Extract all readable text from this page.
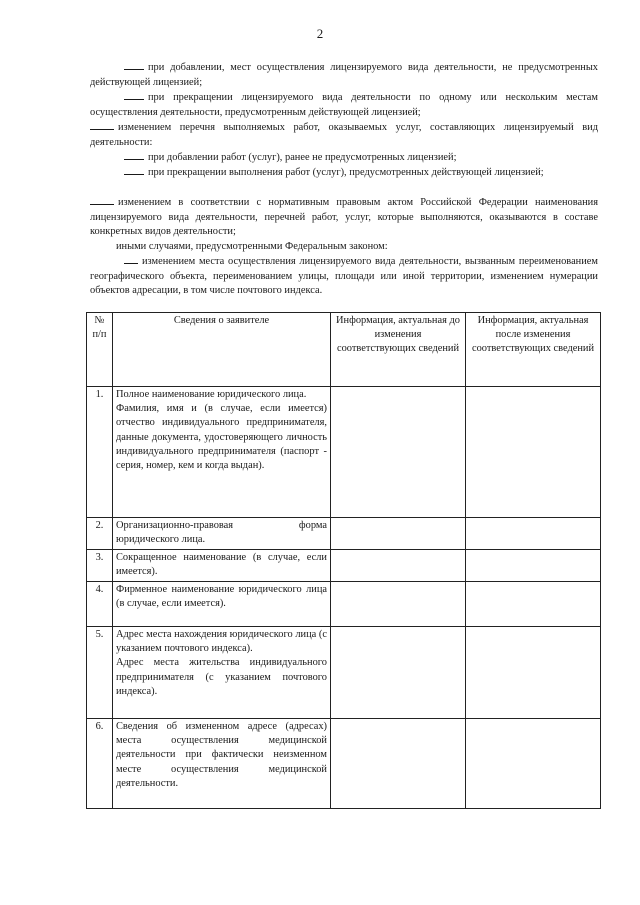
2
при добавлении, мест осуществления лицензируемого вида деятельности, не предусмотренных действующей лицензией;
при прекращении лицензируемого вида деятельности по одному или нескольким местам осуществления деятельности, предусмотренным действующей лицензией;
изменением перечня выполняемых работ, оказываемых услуг, составляющих лицензируемый вид деятельности:
при добавлении работ (услуг), ранее не предусмотренных лицензией;
при прекращении выполнения работ (услуг), предусмотренных действующей лицензией;
изменением в соответствии с нормативным правовым актом Российской Федерации наименования лицензируемого вида деятельности, перечней работ, услуг, которые выполняются, оказываются в составе конкретных видов деятельности;
иными случаями, предусмотренными Федеральным законом:
изменением места осуществления лицензируемого вида деятельности, вызванным переименованием географического объекта, переименованием улицы, площади или иной территории, изменением нумерации объектов адресации, в том числе почтового индекса.
№ п/п	Сведения о заявителе	Информация, актуальная до изменения соответствующих сведений	Информация, актуальная после изменения соответствующих сведений
1.	Полное наименование юридического лица.
Фамилия, имя и (в случае, если имеется) отчество индивидуального предпринимателя, данные документа, удостоверяющего личность индивидуального предпринимателя (паспорт - серия, номер, кем и когда выдан).		

2.	Организационно-правовая форма юридического лица.		

3.	Сокращенное наименование (в случае, если имеется).		

4.	Фирменное наименование юридического лица (в случае, если имеется).		

5.	Адрес места нахождения юридического лица (с указанием почтового индекса).
Адрес места жительства индивидуального предпринимателя (с указанием почтового индекса).		

6.	Сведения об измененном адресе (адресах) места осуществления медицинской деятельности при фактически неизменном месте осуществления медицинской деятельности.		
